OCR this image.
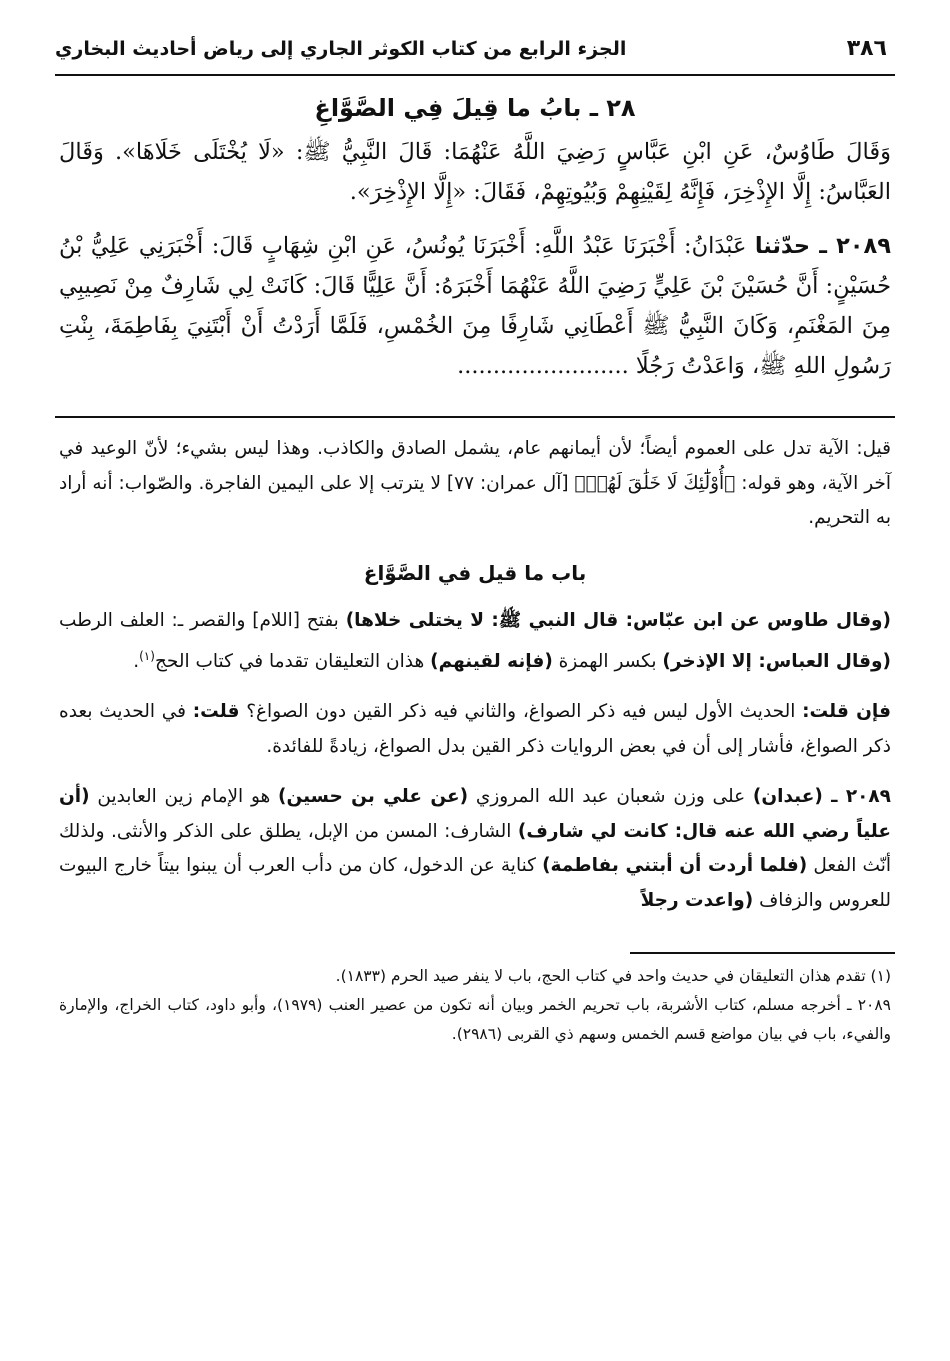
٣٨٦
الجزء الرابع من كتاب الكوثر الجاري إلى رياض أحاديث البخاري
٢٨ ـ بابُ ما قِيلَ فِي الصَّوَّاغِ

وَقَالَ طَاوُسٌ، عَنِ ابْنِ عَبَّاسٍ رَضِيَ اللَّهُ عَنْهُمَا: قَالَ النَّبِيُّ ﷺ: «لَا يُخْتَلَى خَلَاهَا». وَقَالَ العَبَّاسُ: إِلَّا الإِذْخِرَ، فَإِنَّهُ لِقَيْنِهِمْ وَبُيُوتِهِمْ، فَقَالَ: «إِلَّا الإِذْخِرَ».

٢٠٨٩ ـ حدّثنا عَبْدَانُ: أَخْبَرَنَا عَبْدُ اللَّهِ: أَخْبَرَنَا يُونُسُ، عَنِ ابْنِ شِهَابٍ قَالَ: أَخْبَرَنِي عَلِيُّ بْنُ حُسَيْنٍ: أَنَّ حُسَيْنَ بْنَ عَلِيٍّ رَضِيَ اللَّهُ عَنْهُمَا أَخْبَرَهُ: أَنَّ عَلِيًّا قَالَ: كَانَتْ لِي شَارِفٌ مِنْ نَصِيبِي مِنَ المَغْنَمِ، وَكَانَ النَّبِيُّ ﷺ أَعْطَانِي شَارِفًا مِنَ الخُمْسِ، فَلَمَّا أَرَدْتُ أَنْ أَبْتَنِيَ بِفَاطِمَةَ، بِنْتِ رَسُولِ اللهِ ﷺ، وَاعَدْتُ رَجُلًا ........................

قيل: الآية تدل على العموم أيضاً؛ لأن أيمانهم عام، يشمل الصادق والكاذب. وهذا ليس بشيء؛ لأنّ الوعيد في آخر الآية، وهو قوله: ﴿أُوْلَٰٓئِكَ لَا خَلَٰقَ لَهُمۡ﴾ [آل عمران: ٧٧] لا يترتب إلا على اليمين الفاجرة. والصّواب: أنه أراد به التحريم.

باب ما قيل في الصَّوَّاغ

(وقال طاوس عن ابن عبّاس: قال النبي ﷺ: لا يختلى خلاها) بفتح [اللام] والقصر ـ: العلف الرطب (وقال العباس: إلا الإذخر) بكسر الهمزة (فإنه لقينهم) هذان التعليقان تقدما في كتاب الحج$^{(١)}$.

فإن قلت: الحديث الأول ليس فيه ذكر الصواغ، والثاني فيه ذكر القين دون الصواغ؟ قلت: في الحديث بعده ذكر الصواغ، فأشار إلى أن في بعض الروايات ذكر القين بدل الصواغ، زيادةً للفائدة.

٢٠٨٩ ـ (عبدان) على وزن شعبان عبد الله المروزي (عن علي بن حسين) هو الإمام زين العابدين (أن علياً رضي الله عنه قال: كانت لي شارف) الشارف: المسن من الإبل، يطلق على الذكر والأنثى. ولذلك أنّث الفعل (فلما أردت أن أبتني بفاطمة) كناية عن الدخول، كان من دأب العرب أن يبنوا بيتاً خارج البيوت للعروس والزفاف (واعدت رجلاً

(١) تقدم هذان التعليقان في حديث واحد في كتاب الحج، باب لا ينفر صيد الحرم (١٨٣٣).

٢٠٨٩ ـ أخرجه مسلم، كتاب الأشربة، باب تحريم الخمر وبيان أنه تكون من عصير العنب (١٩٧٩)، وأبو داود، كتاب الخراج، والإمارة والفيء، باب في بيان مواضع قسم الخمس وسهم ذي القربى (٢٩٨٦).
